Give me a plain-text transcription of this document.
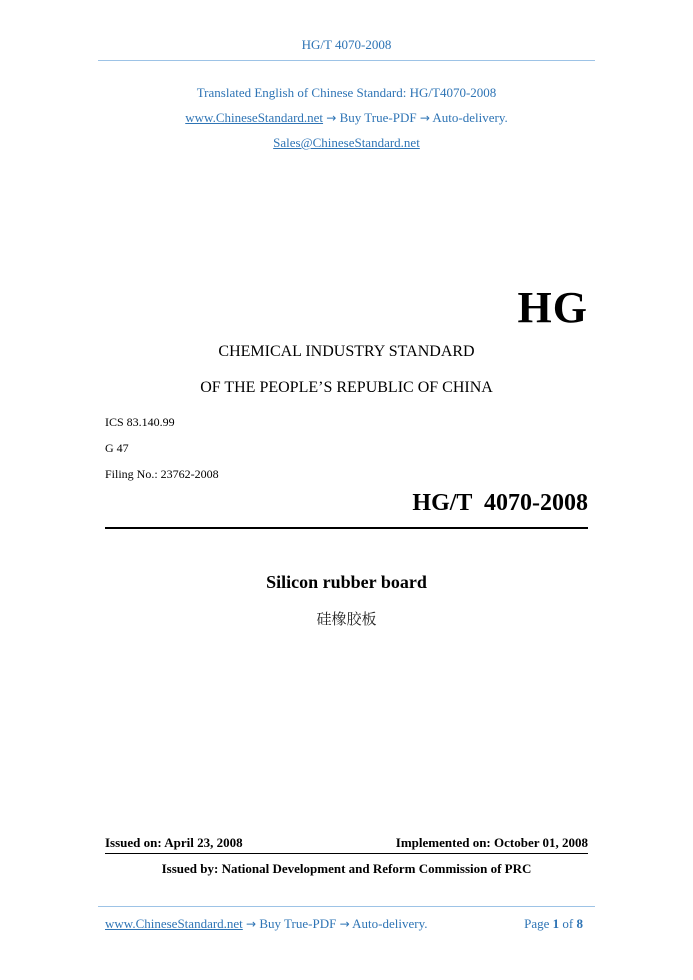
HG/T 4070-2008
Translated English of Chinese Standard: HG/T4070-2008
www.ChineseStandard.net → Buy True-PDF → Auto-delivery.
Sales@ChineseStandard.net
HG
CHEMICAL INDUSTRY STANDARD
OF THE PEOPLE’S REPUBLIC OF CHINA
ICS 83.140.99
G 47
Filing No.: 23762-2008
HG/T 4070-2008
Silicon rubber board
硅橡胶板
Issued on: April 23, 2008	Implemented on: October 01, 2008
Issued by: National Development and Reform Commission of PRC
www.ChineseStandard.net → Buy True-PDF → Auto-delivery.	Page 1 of 8
